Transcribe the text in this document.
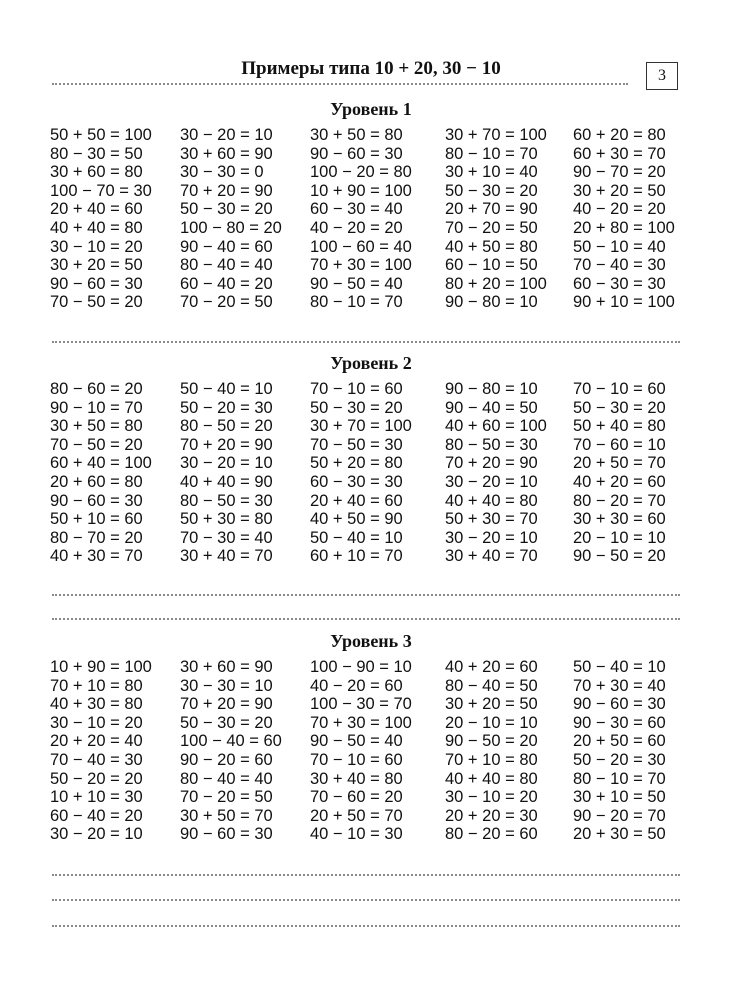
Примеры типа 10 + 20, 30 − 10	3
Уровень 1
50 + 50 = 100	30 − 20 = 10	30 + 50 = 80	30 + 70 = 100	60 + 20 = 80
80 − 30 = 50	30 + 60 = 90	90 − 60 = 30	80 − 10 = 70	60 + 30 = 70
30 + 60 = 80	30 − 30 = 0	100 − 20 = 80	30 + 10 = 40	90 − 70 = 20
100 − 70 = 30	70 + 20 = 90	10 + 90 = 100	50 − 30 = 20	30 + 20 = 50
20 + 40 = 60	50 − 30 = 20	60 − 30 = 40	20 + 70 = 90	40 − 20 = 20
40 + 40 = 80	100 − 80 = 20	40 − 20 = 20	70 − 20 = 50	20 + 80 = 100
30 − 10 = 20	90 − 40 = 60	100 − 60 = 40	40 + 50 = 80	50 − 10 = 40
30 + 20 = 50	80 − 40 = 40	70 + 30 = 100	60 − 10 = 50	70 − 40 = 30
90 − 60 = 30	60 − 40 = 20	90 − 50 = 40	80 + 20 = 100	60 − 30 = 30
70 − 50 = 20	70 − 20 = 50	80 − 10 = 70	90 − 80 = 10	90 + 10 = 100
Уровень 2
80 − 60 = 20	50 − 40 = 10	70 − 10 = 60	90 − 80 = 10	70 − 10 = 60
90 − 10 = 70	50 − 20 = 30	50 − 30 = 20	90 − 40 = 50	50 − 30 = 20
30 + 50 = 80	80 − 50 = 20	30 + 70 = 100	40 + 60 = 100	50 + 40 = 80
70 − 50 = 20	70 + 20 = 90	70 − 50 = 30	80 − 50 = 30	70 − 60 = 10
60 + 40 = 100	30 − 20 = 10	50 + 20 = 80	70 + 20 = 90	20 + 50 = 70
20 + 60 = 80	40 + 40 = 90	60 − 30 = 30	30 − 20 = 10	40 + 20 = 60
90 − 60 = 30	80 − 50 = 30	20 + 40 = 60	40 + 40 = 80	80 − 20 = 70
50 + 10 = 60	50 + 30 = 80	40 + 50 = 90	50 + 30 = 70	30 + 30 = 60
80 − 70 = 20	70 − 30 = 40	50 − 40 = 10	30 − 20 = 10	20 − 10 = 10
40 + 30 = 70	30 + 40 = 70	60 + 10 = 70	30 + 40 = 70	90 − 50 = 20
Уровень 3
10 + 90 = 100	30 + 60 = 90	100 − 90 = 10	40 + 20 = 60	50 − 40 = 10
70 + 10 = 80	30 − 30 = 10	40 − 20 = 60	80 − 40 = 50	70 + 30 = 40
40 + 30 = 80	70 + 20 = 90	100 − 30 = 70	30 + 20 = 50	90 − 60 = 30
30 − 10 = 20	50 − 30 = 20	70 + 30 = 100	20 − 10 = 10	90 − 30 = 60
20 + 20 = 40	100 − 40 = 60	90 − 50 = 40	90 − 50 = 20	20 + 50 = 60
70 − 40 = 30	90 − 20 = 60	70 − 10 = 60	70 + 10 = 80	50 − 20 = 30
50 − 20 = 20	80 − 40 = 40	30 + 40 = 80	40 + 40 = 80	80 − 10 = 70
10 + 10 = 30	70 − 20 = 50	70 − 60 = 20	30 − 10 = 20	30 + 10 = 50
60 − 40 = 20	30 + 50 = 70	20 + 50 = 70	20 + 20 = 30	90 − 20 = 70
30 − 20 = 10	90 − 60 = 30	40 − 10 = 30	80 − 20 = 60	20 + 30 = 50
